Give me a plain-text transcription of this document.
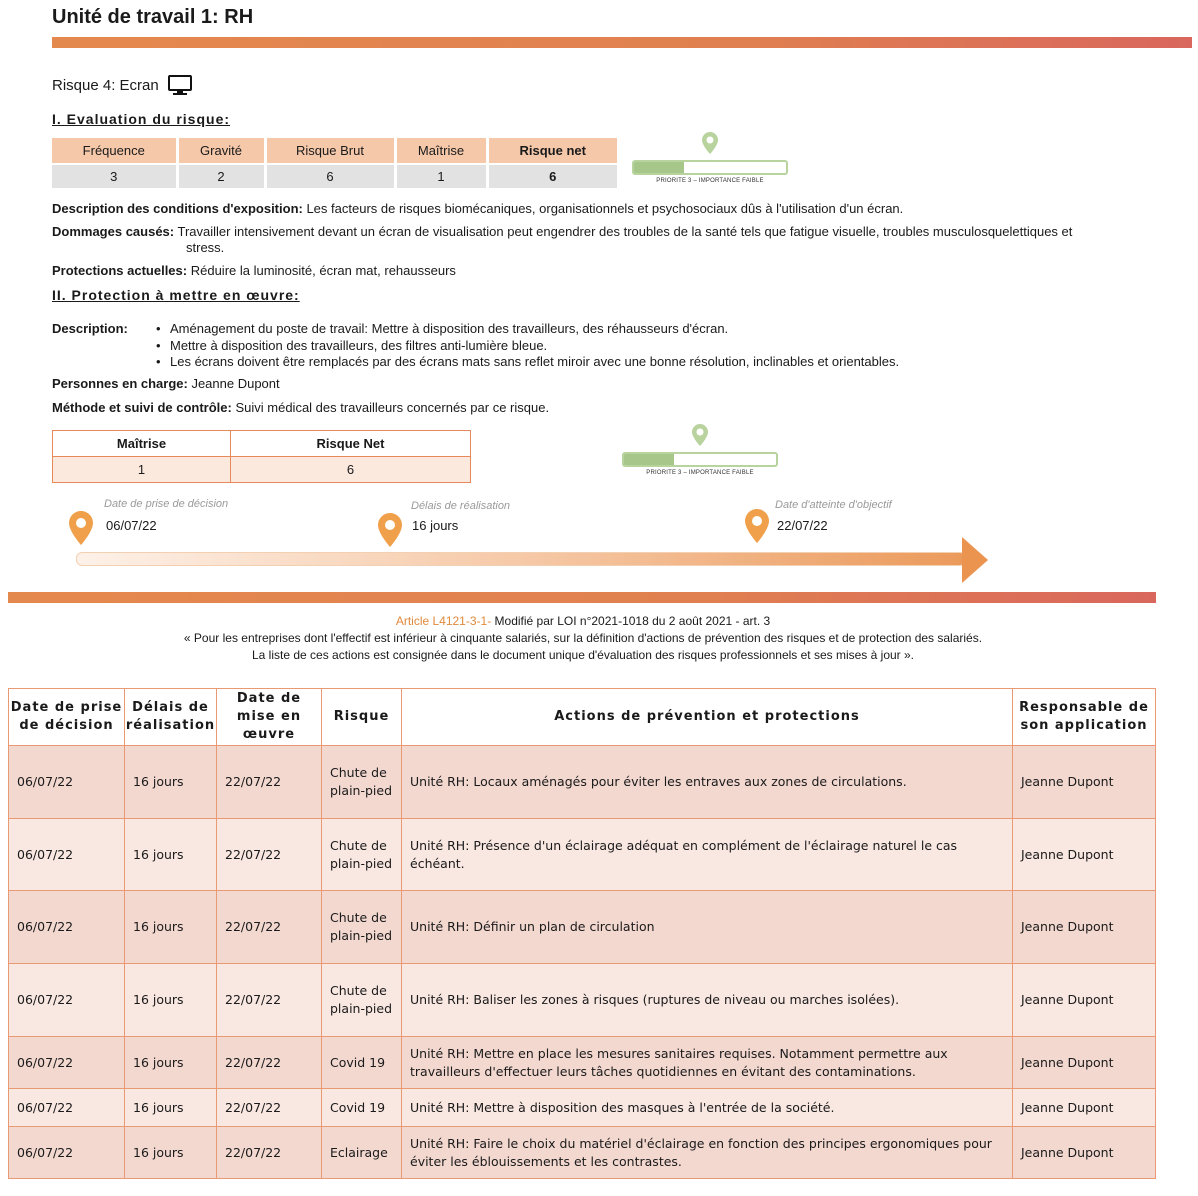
Unité de travail 1: RH
Risque 4: Ecran
I. Evaluation du risque:
Fréquence	Gravité	Risque Brut	Maîtrise	Risque net
3	2	6	1	6	PRIORITE 3 – IMPORTANCE FAIBLE
Description des conditions d'exposition: Les facteurs de risques biomécaniques, organisationnels et psychosociaux dûs à l'utilisation d'un écran.
Dommages causés: Travailler intensivement devant un écran de visualisation peut engendrer des troubles de la santé tels que fatigue visuelle, troubles musculosquelettiques et
stress.
Protections actuelles: Réduire la luminosité, écran mat, rehausseurs
II. Protection à mettre en œuvre:
Description:	• Aménagement du poste de travail: Mettre à disposition des travailleurs, des réhausseurs d'écran.
• Mettre à disposition des travailleurs, des filtres anti-lumière bleue.
• Les écrans doivent être remplacés par des écrans mats sans reflet miroir avec une bonne résolution, inclinables et orientables.
Personnes en charge: Jeanne Dupont
Méthode et suivi de contrôle: Suivi médical des travailleurs concernés par ce risque.
Maîtrise	Risque Net
1	6	PRIORITE 3 – IMPORTANCE FAIBLE
Date de prise de décision
06/07/22
Délais de réalisation
16 jours
Date d'atteinte d'objectif
22/07/22
Article L4121-3-1- Modifié par LOI n°2021-1018 du 2 août 2021 - art. 3
« Pour les entreprises dont l'effectif est inférieur à cinquante salariés, sur la définition d'actions de prévention des risques et de protection des salariés.
La liste de ces actions est consignée dans le document unique d'évaluation des risques professionnels et ses mises à jour ».
Date de prise de décision	Délais de réalisation	Date de mise en œuvre	Risque	Actions de prévention et protections	Responsable de son application
06/07/22	16 jours	22/07/22	Chute de plain-pied	Unité RH: Locaux aménagés pour éviter les entraves aux zones de circulations.	Jeanne Dupont
06/07/22	16 jours	22/07/22	Chute de plain-pied	Unité RH: Présence d'un éclairage adéquat en complément de l'éclairage naturel le cas échéant.	Jeanne Dupont
06/07/22	16 jours	22/07/22	Chute de plain-pied	Unité RH: Définir un plan de circulation	Jeanne Dupont
06/07/22	16 jours	22/07/22	Chute de plain-pied	Unité RH: Baliser les zones à risques (ruptures de niveau ou marches isolées).	Jeanne Dupont
06/07/22	16 jours	22/07/22	Covid 19	Unité RH: Mettre en place les mesures sanitaires requises. Notamment permettre aux travailleurs d'effectuer leurs tâches quotidiennes en évitant des contaminations.	Jeanne Dupont
06/07/22	16 jours	22/07/22	Covid 19	Unité RH: Mettre à disposition des masques à l'entrée de la société.	Jeanne Dupont
06/07/22	16 jours	22/07/22	Eclairage	Unité RH: Faire le choix du matériel d'éclairage en fonction des principes ergonomiques pour éviter les éblouissements et les contrastes.	Jeanne Dupont
